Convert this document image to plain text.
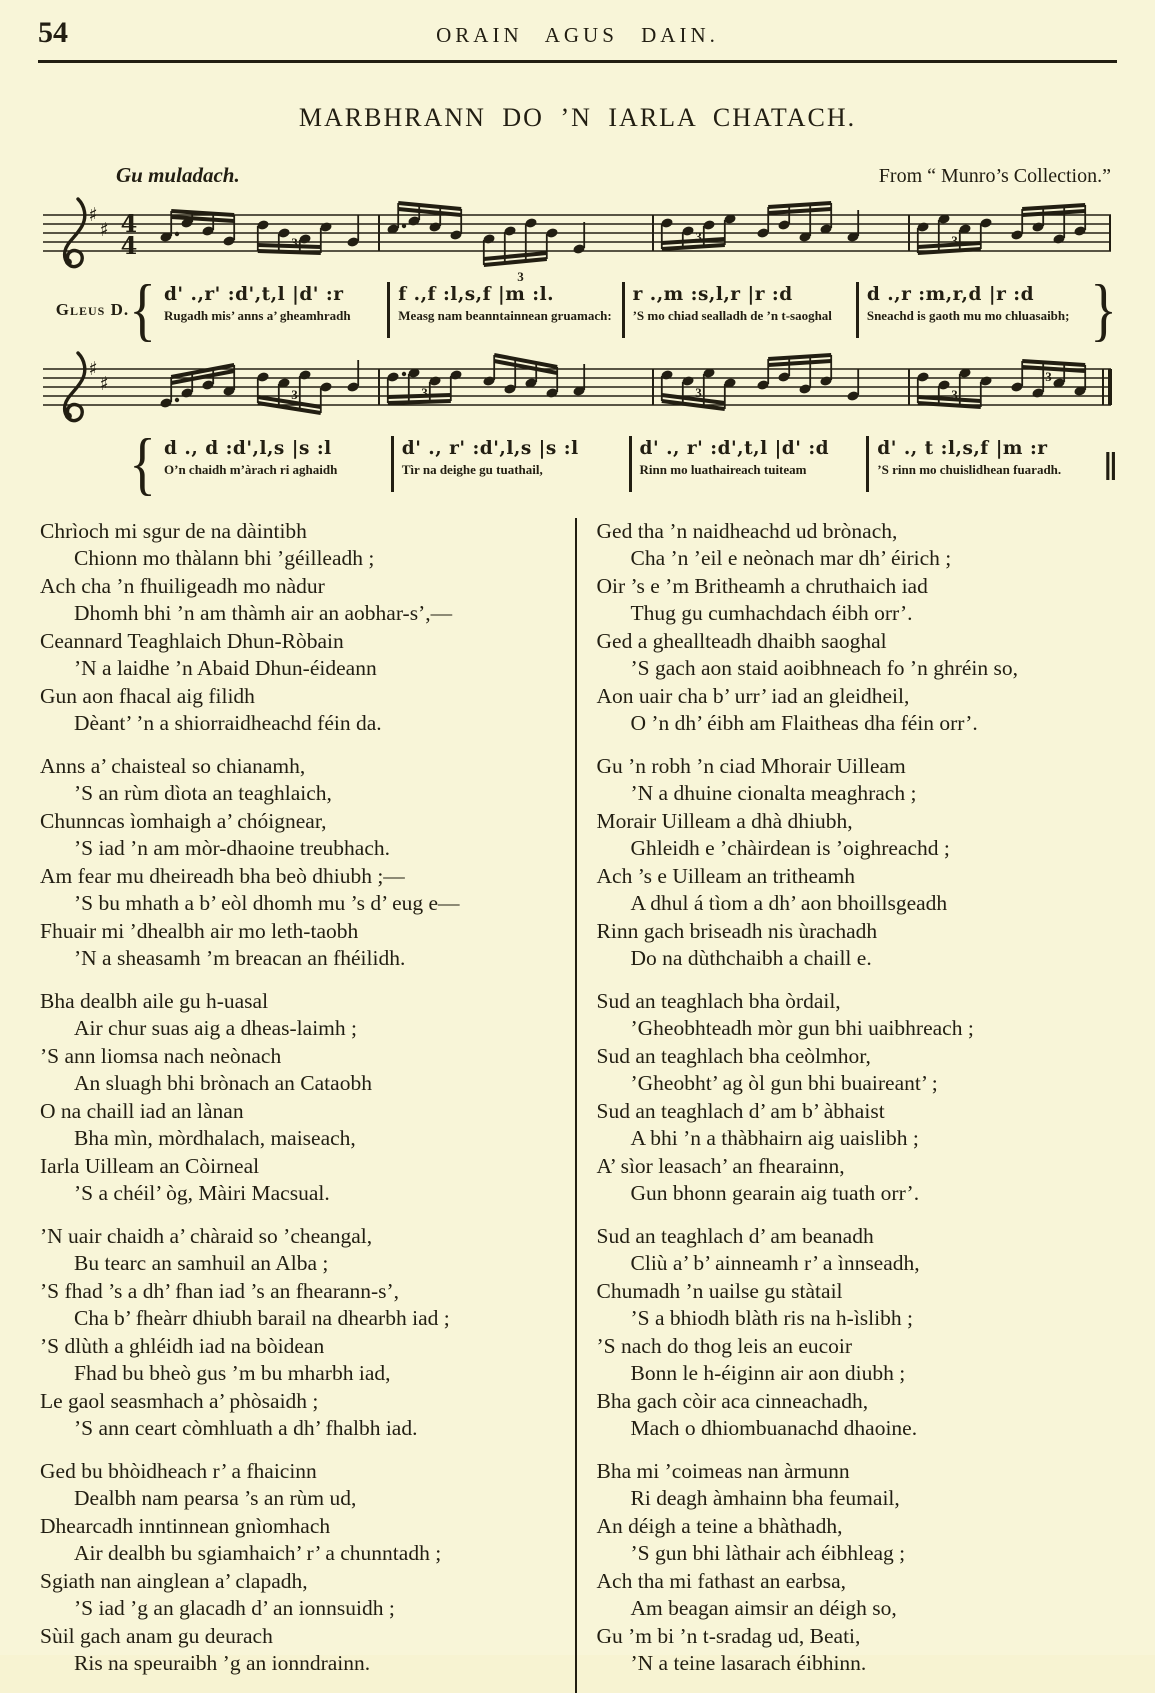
54	ORAIN AGUS DAIN.
MARBHRANN DO ’N IARLA CHATACH.
Gu muladach.	From “ Munro’s Collection.”
♯
♯ 4
4	3
3
3	3
Gleus D. { d' .,r' :d',t,l |d' :r
Rugadh mis’ anns a’ gheamhradh
f .,f :l,s,f |m :l.
Measg nam beanntainnean gruamach:
r .,m :s,l,r |r :d
’S mo chiad sealladh de ’n t-saoghal
d .,r :m,r,d |r :d
Sneachd is gaoth mu mo chluasaibh; }
♯
♯	3	3	3	3
3
{ d ., d :d',l,s |s :l
O’n chaidh m’àrach ri aghaidh
d' ., r' :d',l,s |s :l
Tìr na deighe gu tuathail,
d' ., r' :d',t,l |d' :d
Rinn mo luathaireach tuiteam
d' ., t :l,s,f |m :r
’S rinn mo chuislidhean fuaradh.	‖
Chrìoch mi sgur de na dàintibh
Chionn mo thàlann bhi ’géilleadh ;
Ach cha ’n fhuiligeadh mo nàdur
Dhomh bhi ’n am thàmh air an aobhar-s’,—
Ceannard Teaghlaich Dhun-Ròbain
’N a laidhe ’n Abaid Dhun-éideann
Gun aon fhacal aig filidh
Dèant’ ’n a shiorraidheachd féin da.
Anns a’ chaisteal so chianamh,
’S an rùm dìota an teaghlaich,
Chunncas ìomhaigh a’ chóignear,
’S iad ’n am mòr-dhaoine treubhach.
Am fear mu dheireadh bha beò dhiubh ;—
’S bu mhath a b’ eòl dhomh mu ’s d’ eug e—
Fhuair mi ’dhealbh air mo leth-taobh
’N a sheasamh ’m breacan an fhéilidh.
Bha dealbh aile gu h-uasal
Air chur suas aig a dheas-laimh ;
’S ann liomsa nach neònach
An sluagh bhi brònach an Cataobh
O na chaill iad an lànan
Bha mìn, mòrdhalach, maiseach,
Iarla Uilleam an Còirneal
’S a chéil’ òg, Màiri Macsual.
’N uair chaidh a’ chàraid so ’cheangal,
Bu tearc an samhuil an Alba ;
’S fhad ’s a dh’ fhan iad ’s an fhearann-s’,
Cha b’ fheàrr dhiubh barail na dhearbh iad ;
’S dlùth a ghléidh iad na bòidean
Fhad bu bheò gus ’m bu mharbh iad,
Le gaol seasmhach a’ phòsaidh ;
’S ann ceart còmhluath a dh’ fhalbh iad.
Ged bu bhòidheach r’ a fhaicinn
Dealbh nam pearsa ’s an rùm ud,
Dhearcadh inntinnean gnìomhach
Air dealbh bu sgiamhaich’ r’ a chunntadh ;
Sgiath nan ainglean a’ clapadh,
’S iad ’g an glacadh d’ an ionnsuidh ;
Sùil gach anam gu deurach
Ris na speuraibh ’g an ionndrainn.
Ged tha ’n naidheachd ud brònach,
Cha ’n ’eil e neònach mar dh’ éirich ;
Oir ’s e ’m Britheamh a chruthaich iad
Thug gu cumhachdach éibh orr’.
Ged a gheallteadh dhaibh saoghal
’S gach aon staid aoibhneach fo ’n ghréin so,
Aon uair cha b’ urr’ iad an gleidheil,
O ’n dh’ éibh am Flaitheas dha féin orr’.
Gu ’n robh ’n ciad Mhorair Uilleam
’N a dhuine cionalta meaghrach ;
Morair Uilleam a dhà dhiubh,
Ghleidh e ’chàirdean is ’oighreachd ;
Ach ’s e Uilleam an tritheamh
A dhul á tìom a dh’ aon bhoillsgeadh
Rinn gach briseadh nis ùrachadh
Do na dùthchaibh a chaill e.
Sud an teaghlach bha òrdail,
’Gheobhteadh mòr gun bhi uaibhreach ;
Sud an teaghlach bha ceòlmhor,
’Gheobht’ ag òl gun bhi buaireant’ ;
Sud an teaghlach d’ am b’ àbhaist
A bhi ’n a thàbhairn aig uaislibh ;
A’ sìor leasach’ an fhearainn,
Gun bhonn gearain aig tuath orr’.
Sud an teaghlach d’ am beanadh
Cliù a’ b’ ainneamh r’ a ìnnseadh,
Chumadh ’n uailse gu stàtail
’S a bhiodh blàth ris na h-ìslibh ;
’S nach do thog leis an eucoir
Bonn le h-éiginn air aon diubh ;
Bha gach còir aca cinneachadh,
Mach o dhiombuanachd dhaoine.
Bha mi ’coimeas nan àrmunn
Ri deagh àmhainn bha feumail,
An déigh a teine a bhàthadh,
’S gun bhi làthair ach éibhleag ;
Ach tha mi fathast an earbsa,
Am beagan aimsir an déigh so,
Gu ’m bi ’n t-sradag ud, Beati,
’N a teine lasarach éibhinn.
